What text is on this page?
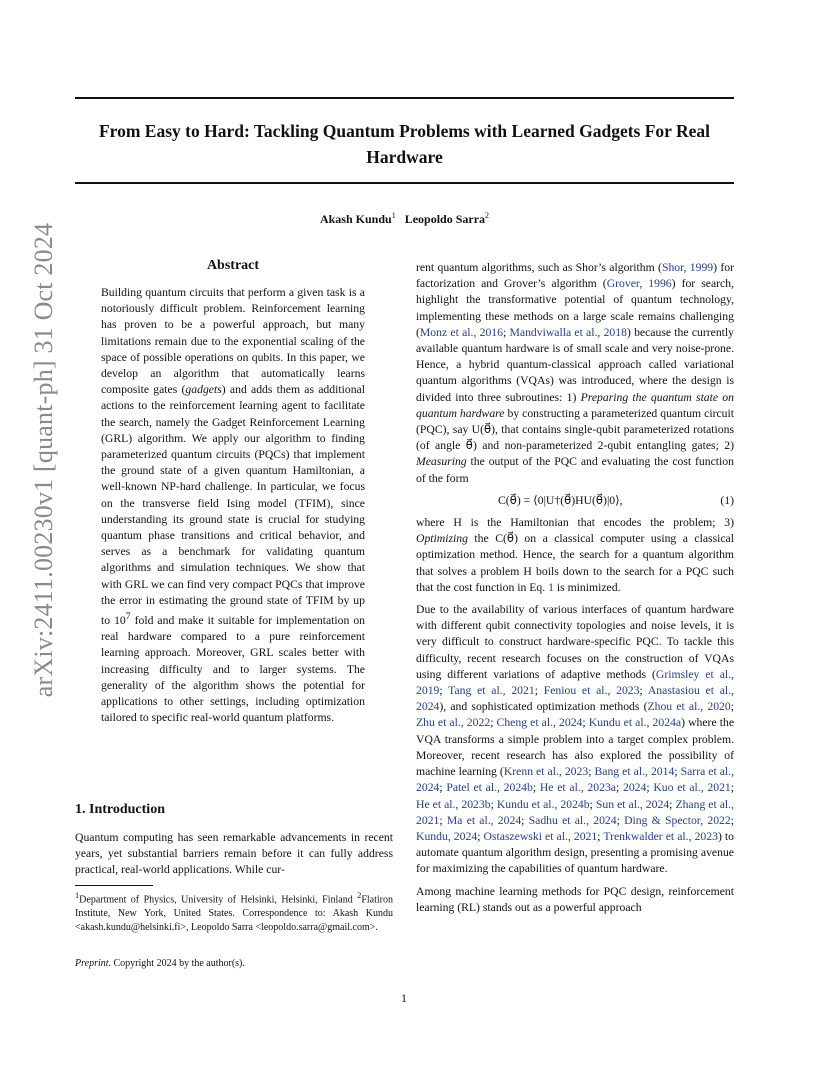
From Easy to Hard: Tackling Quantum Problems with Learned Gadgets For Real Hardware
Akash Kundu$^1$ Leopoldo Sarra$^2$
arXiv:2411.00230v1 [quant-ph] 31 Oct 2024	Abstract
Building quantum circuits that perform a given task is a notoriously difficult problem. Reinforcement learning has proven to be a powerful approach, but many limitations remain due to the exponential scaling of the space of possible operations on qubits. In this paper, we develop an algorithm that automatically learns composite gates (gadgets) and adds them as additional actions to the reinforcement learning agent to facilitate the search, namely the Gadget Reinforcement Learning (GRL) algorithm. We apply our algorithm to finding parameterized quantum circuits (PQCs) that implement the ground state of a given quantum Hamiltonian, a well-known NP-hard challenge. In particular, we focus on the transverse field Ising model (TFIM), since understanding its ground state is crucial for studying quantum phase transitions and critical behavior, and serves as a benchmark for validating quantum algorithms and simulation techniques. We show that with GRL we can find very compact PQCs that improve the error in estimating the ground state of TFIM by up to $10^7$ fold and make it suitable for implementation on real hardware compared to a pure reinforcement learning approach. Moreover, GRL scales better with increasing difficulty and to larger systems. The generality of the algorithm shows the potential for applications to other settings, including optimization tailored to specific real-world quantum platforms.
1. Introduction

Quantum computing has seen remarkable advancements in recent years, yet substantial barriers remain before it can fully address practical, real-world applications. While cur-

$^1$Department of Physics, University of Helsinki, Helsinki, Finland $^2$Flatiron Institute, New York, United States. Correspondence to: Akash Kundu <akash.kundu@helsinki.fi>, Leopoldo Sarra <leopoldo.sarra@gmail.com>.
Preprint. Copyright 2024 by the author(s).

rent quantum algorithms, such as Shor’s algorithm (Shor, 1999) for factorization and Grover’s algorithm (Grover, 1996) for search, highlight the transformative potential of quantum technology, implementing these methods on a large scale remains challenging (Monz et al., 2016; Mandviwalla et al., 2018) because the currently available quantum hardware is of small scale and very noise-prone. Hence, a hybrid quantum-classical approach called variational quantum algorithms (VQAs) was introduced, where the design is divided into three subroutines: 1) Preparing the quantum state on quantum hardware by constructing a parameterized quantum circuit (PQC), say U(θ⃗), that contains single-qubit parameterized rotations (of angle θ⃗) and non-parameterized 2-qubit entangling gates; 2) Measuring the output of the PQC and evaluating the cost function of the form

C(θ⃗) = ⟨0|U†(θ⃗)HU(θ⃗)|0⟩,	(1)

where H is the Hamiltonian that encodes the problem; 3) Optimizing the C(θ⃗) on a classical computer using a classical optimization method. Hence, the search for a quantum algorithm that solves a problem H boils down to the search for a PQC such that the cost function in Eq. 1 is minimized.

Due to the availability of various interfaces of quantum hardware with different qubit connectivity topologies and noise levels, it is very difficult to construct hardware-specific PQC. To tackle this difficulty, recent research focuses on the construction of VQAs using different variations of adaptive methods (Grimsley et al., 2019; Tang et al., 2021; Feniou et al., 2023; Anastasiou et al., 2024), and sophisticated optimization methods (Zhou et al., 2020; Zhu et al., 2022; Cheng et al., 2024; Kundu et al., 2024a) where the VQA transforms a simple problem into a target complex problem. Moreover, recent research has also explored the possibility of machine learning (Krenn et al., 2023; Bang et al., 2014; Sarra et al., 2024; Patel et al., 2024b; He et al., 2023a; 2024; Kuo et al., 2021; He et al., 2023b; Kundu et al., 2024b; Sun et al., 2024; Zhang et al., 2021; Ma et al., 2024; Sadhu et al., 2024; Ding & Spector, 2022; Kundu, 2024; Ostaszewski et al., 2021; Trenkwalder et al., 2023) to automate quantum algorithm design, presenting a promising avenue for maximizing the capabilities of quantum hardware.

Among machine learning methods for PQC design, reinforcement learning (RL) stands out as a powerful approach

1
